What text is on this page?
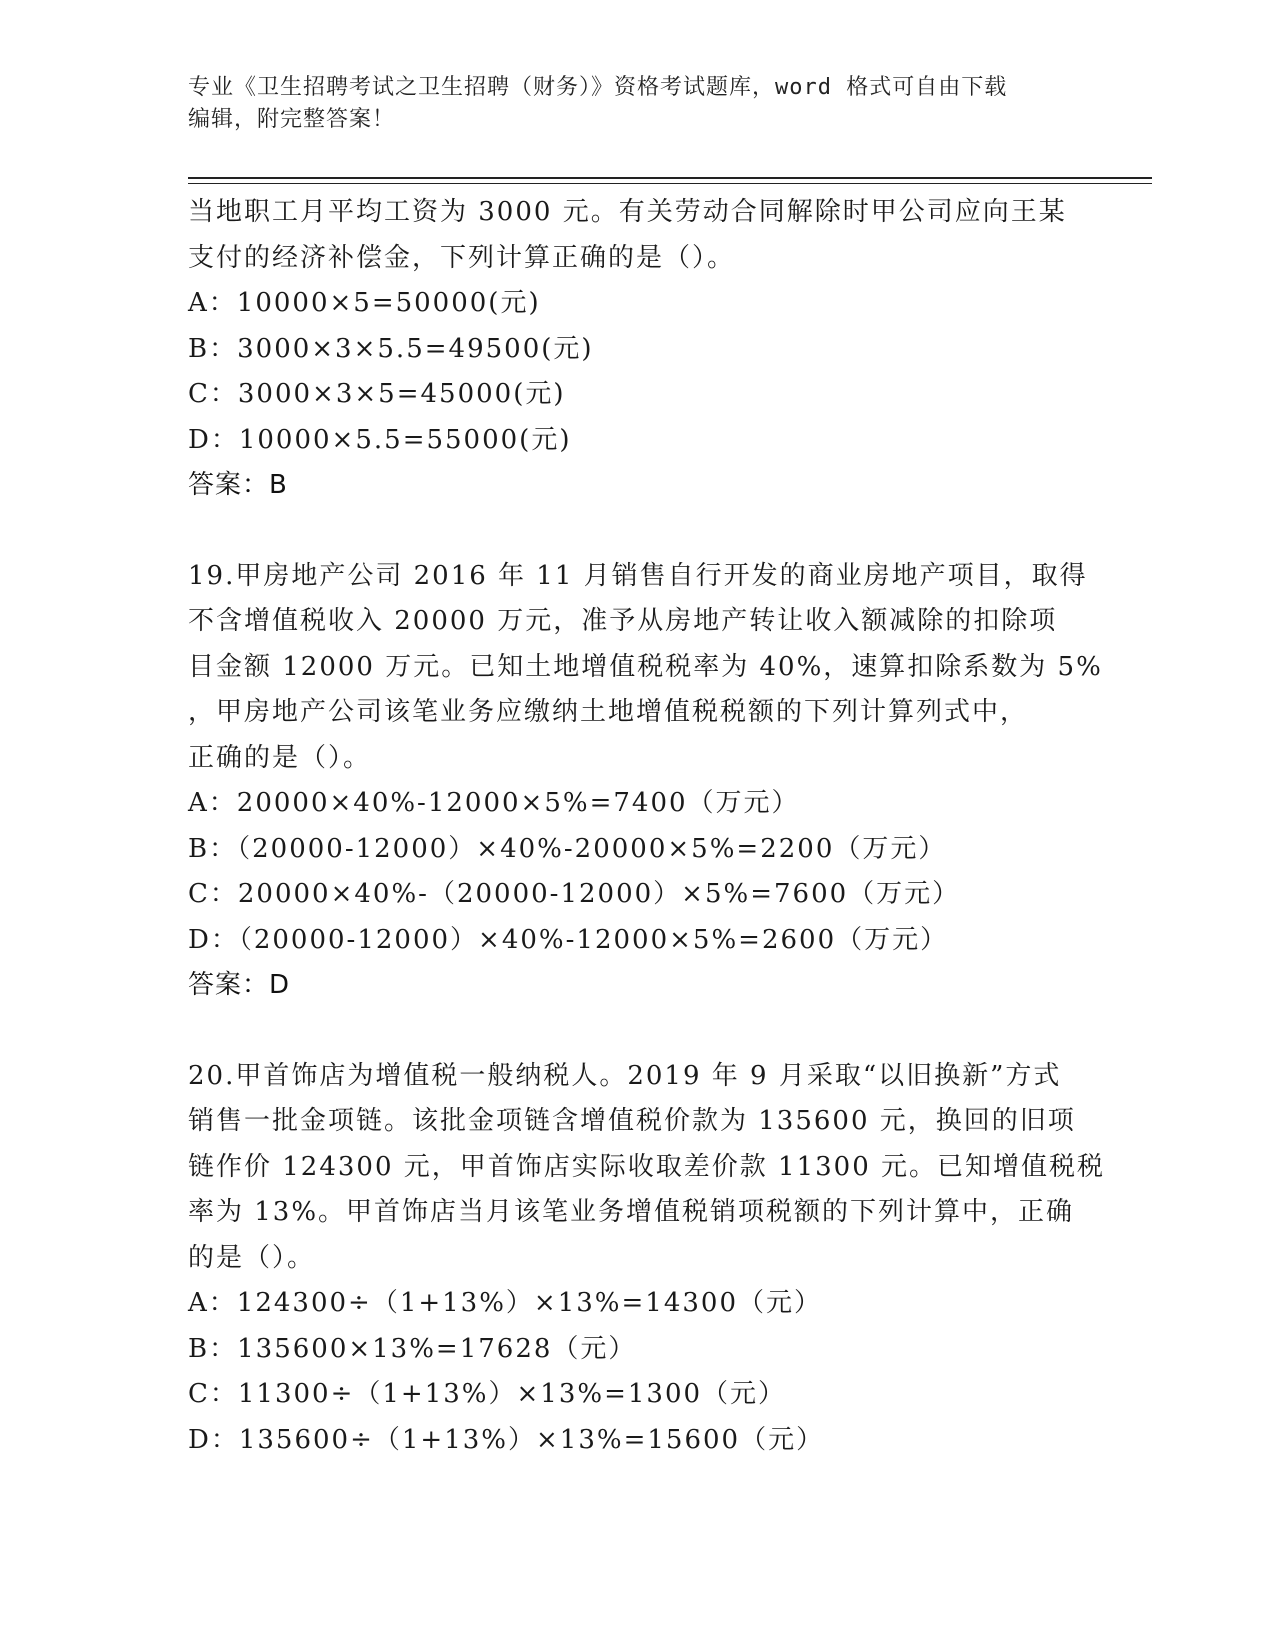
专业《卫生招聘考试之卫生招聘（财务）》资格考试题库，word 格式可自由下载
编辑，附完整答案！
当地职工月平均工资为 3000 元。有关劳动合同解除时甲公司应向王某
支付的经济补偿金，下列计算正确的是（）。
A：10000×5=50000(元)
B：3000×3×5.5=49500(元)
C：3000×3×5=45000(元)
D：10000×5.5=55000(元)
答案：B
19.甲房地产公司 2016 年 11 月销售自行开发的商业房地产项目，取得
不含增值税收入 20000 万元，准予从房地产转让收入额减除的扣除项
目金额 12000 万元。已知土地增值税税率为 40%，速算扣除系数为 5%
，甲房地产公司该笔业务应缴纳土地增值税税额的下列计算列式中，
正确的是（）。
A：20000×40%-12000×5%=7400（万元）
B：（20000-12000）×40%-20000×5%=2200（万元）
C：20000×40%-（20000-12000）×5%=7600（万元）
D：（20000-12000）×40%-12000×5%=2600（万元）
答案：D
20.甲首饰店为增值税一般纳税人。2019 年 9 月采取“以旧换新”方式
销售一批金项链。该批金项链含增值税价款为 135600 元，换回的旧项
链作价 124300 元，甲首饰店实际收取差价款 11300 元。已知增值税税
率为 13%。甲首饰店当月该笔业务增值税销项税额的下列计算中，正确
的是（）。
A：124300÷（1+13%）×13%=14300（元）
B：135600×13%=17628（元）
C：11300÷（1+13%）×13%=1300（元）
D：135600÷（1+13%）×13%=15600（元）
